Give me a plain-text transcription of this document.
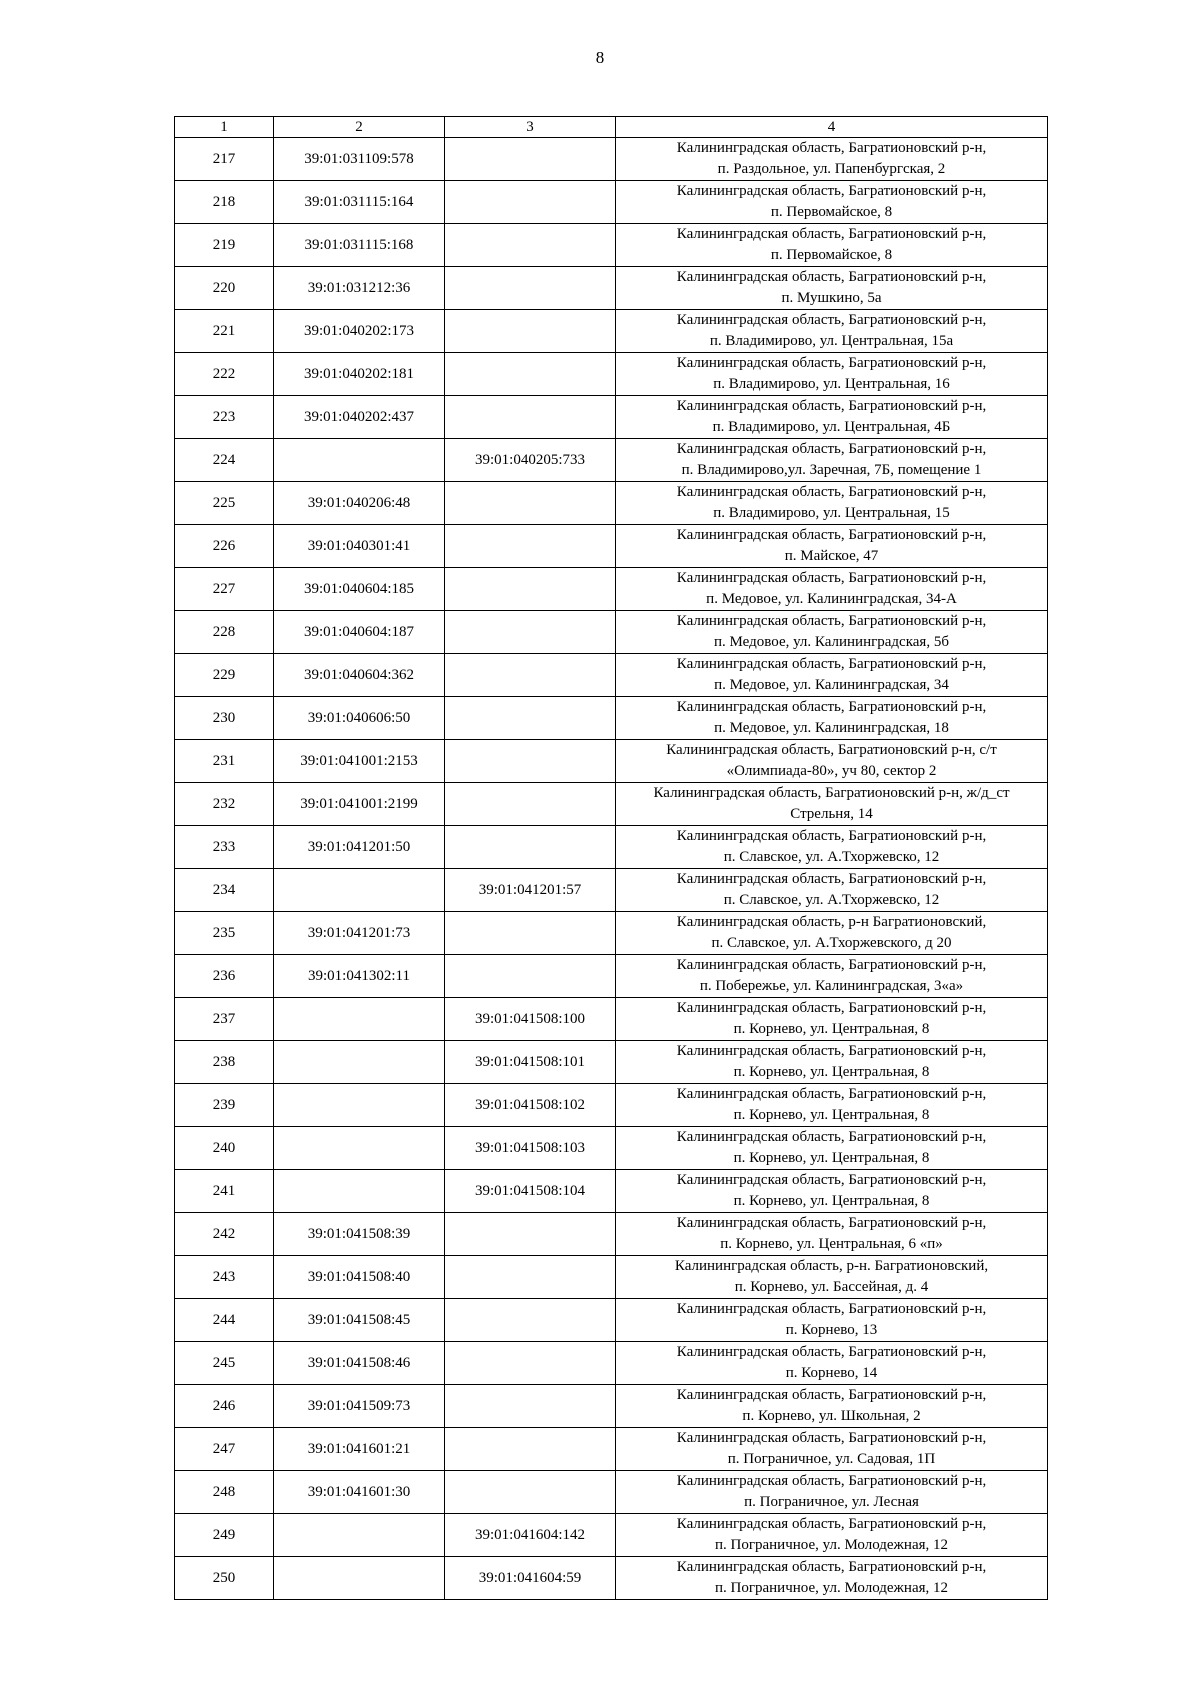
8
1	2	3	4
217	39:01:031109:578		Калининградская область, Багратионовский р-н,
п. Раздольное, ул. Папенбургская, 2

218	39:01:031115:164		Калининградская область, Багратионовский р-н,
п. Первомайское, 8

219	39:01:031115:168		Калининградская область, Багратионовский р-н,
п. Первомайское, 8

220	39:01:031212:36		Калининградская область, Багратионовский р-н,
п. Мушкино, 5а

221	39:01:040202:173		Калининградская область, Багратионовский р-н,
п. Владимирово, ул. Центральная, 15а

222	39:01:040202:181		Калининградская область, Багратионовский р-н,
п. Владимирово, ул. Центральная, 16

223	39:01:040202:437		Калининградская область, Багратионовский р-н,
п. Владимирово, ул. Центральная, 4Б

224		39:01:040205:733	Калининградская область, Багратионовский р-н,
п. Владимирово,ул. Заречная, 7Б, помещение 1

225	39:01:040206:48		Калининградская область, Багратионовский р-н,
п. Владимирово, ул. Центральная, 15

226	39:01:040301:41		Калининградская область, Багратионовский р-н,
п. Майское, 47

227	39:01:040604:185		Калининградская область, Багратионовский р-н,
п. Медовое, ул. Калининградская, 34-А

228	39:01:040604:187		Калининградская область, Багратионовский р-н,
п. Медовое, ул. Калининградская, 5б

229	39:01:040604:362		Калининградская область, Багратионовский р-н,
п. Медовое, ул. Калининградская, 34

230	39:01:040606:50		Калининградская область, Багратионовский р-н,
п. Медовое, ул. Калининградская, 18

231	39:01:041001:2153		Калининградская область, Багратионовский р-н, с/т
«Олимпиада-80», уч 80, сектор 2

232	39:01:041001:2199		Калининградская область, Багратионовский р-н, ж/д_ст
Стрельня, 14

233	39:01:041201:50		Калининградская область, Багратионовский р-н,
п. Славское, ул. А.Тхоржевско, 12

234		39:01:041201:57	Калининградская область, Багратионовский р-н,
п. Славское, ул. А.Тхоржевско, 12

235	39:01:041201:73		Калининградская область, р-н Багратионовский,
п. Славское, ул. А.Тхоржевского, д 20

236	39:01:041302:11		Калининградская область, Багратионовский р-н,
п. Побережье, ул. Калининградская, 3«а»

237		39:01:041508:100	Калининградская область, Багратионовский р-н,
п. Корнево, ул. Центральная, 8

238		39:01:041508:101	Калининградская область, Багратионовский р-н,
п. Корнево, ул. Центральная, 8

239		39:01:041508:102	Калининградская область, Багратионовский р-н,
п. Корнево, ул. Центральная, 8

240		39:01:041508:103	Калининградская область, Багратионовский р-н,
п. Корнево, ул. Центральная, 8

241		39:01:041508:104	Калининградская область, Багратионовский р-н,
п. Корнево, ул. Центральная, 8

242	39:01:041508:39		Калининградская область, Багратионовский р-н,
п. Корнево, ул. Центральная, 6 «п»

243	39:01:041508:40		Калининградская область, р-н. Багратионовский,
п. Корнево, ул. Бассейная, д. 4

244	39:01:041508:45		Калининградская область, Багратионовский р-н,
п. Корнево, 13

245	39:01:041508:46		Калининградская область, Багратионовский р-н,
п. Корнево, 14

246	39:01:041509:73		Калининградская область, Багратионовский р-н,
п. Корнево, ул. Школьная, 2

247	39:01:041601:21		Калининградская область, Багратионовский р-н,
п. Пограничное, ул. Садовая, 1П

248	39:01:041601:30		Калининградская область, Багратионовский р-н,
п. Пограничное, ул. Лесная

249		39:01:041604:142	Калининградская область, Багратионовский р-н,
п. Пограничное, ул. Молодежная, 12

250		39:01:041604:59	Калининградская область, Багратионовский р-н,
п. Пограничное, ул. Молодежная, 12
